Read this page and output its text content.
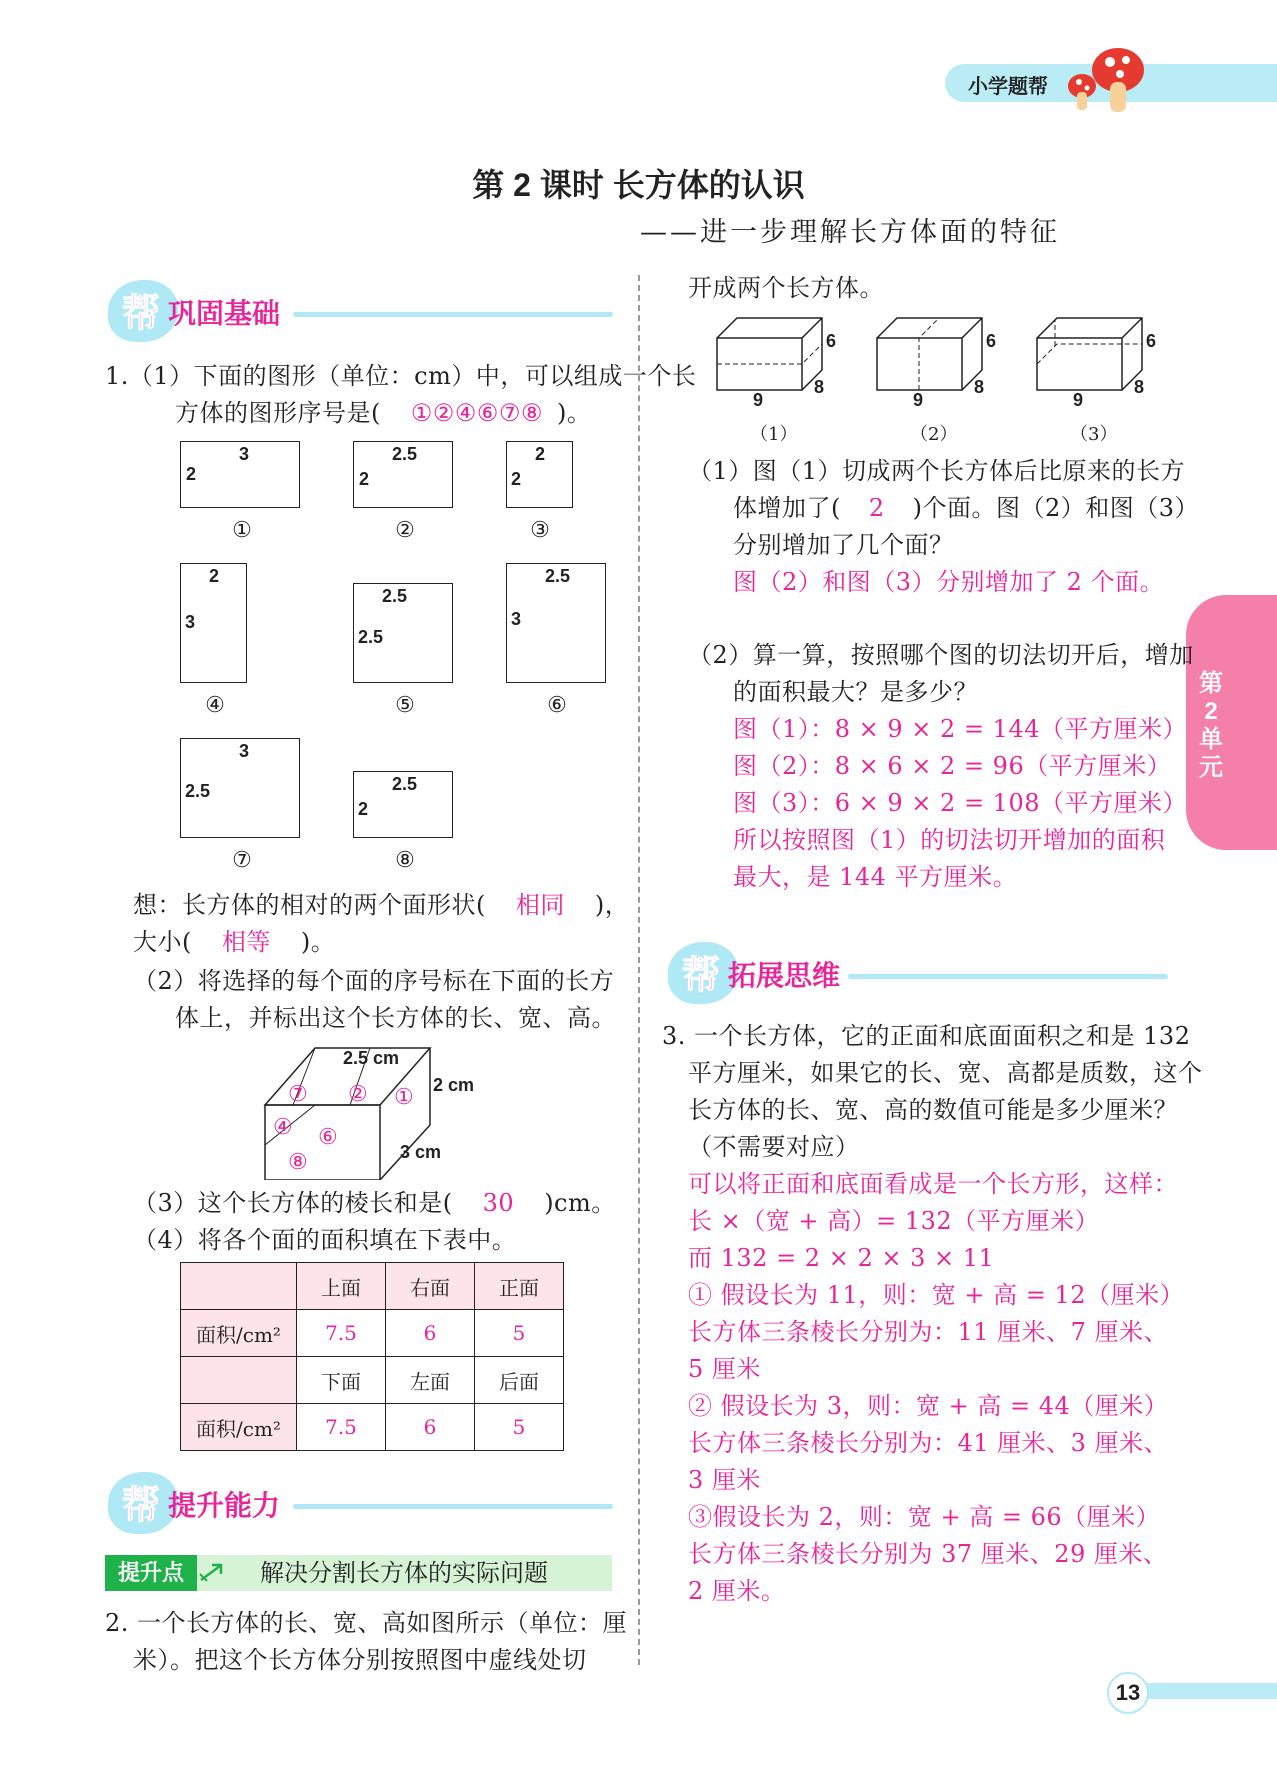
小学题帮
第 2 课时 长方体的认识
——进一步理解长方体面的特征
第2单元
帮 巩固基础
1.（1）下面的图形（单位：cm）中，可以组成一个长
方体的图形序号是( ①②④⑥⑦⑧ )。
3
2
①
2.5
2
②
2
2
③
2
3
④
2.5
2.5
⑤
2.5
3
⑥
3
2.5
⑦
2.5
2
⑧
想：长方体的相对的两个面形状( 相同 )，
大小( 相等 )。
（2）将选择的每个面的序号标在下面的长方
体上，并标出这个长方体的长、宽、高。
2.5 cm
2 cm
3 cm
⑦ ② ①
④ ⑥
⑧
（3）这个长方体的棱长和是( 30 )cm。
（4）将各个面的面积填在下表中。
	上面	右面	正面
面积/cm²	7.5	6	5
	下面	左面	后面
面积/cm²	7.5	6	5
帮 提升能力
提升点	解决分割长方体的实际问题
2. 一个长方体的长、宽、高如图所示（单位：厘
米）。把这个长方体分别按照图中虚线处切
开成两个长方体。
6
9
8
（1）
6
9
8
（2）
6
9
8
（3）
（1）图（1）切成两个长方体后比原来的长方
体增加了( 2 )个面。图（2）和图（3）
分别增加了几个面？
图（2）和图（3）分别增加了 2 个面。
（2）算一算，按照哪个图的切法切开后，增加
的面积最大？是多少？
图（1）：8 × 9 × 2 = 144（平方厘米）
图（2）：8 × 6 × 2 = 96（平方厘米）
图（3）：6 × 9 × 2 = 108（平方厘米）
所以按照图（1）的切法切开增加的面积
最大，是 144 平方厘米。
帮 拓展思维
3. 一个长方体，它的正面和底面面积之和是 132
平方厘米，如果它的长、宽、高都是质数，这个
长方体的长、宽、高的数值可能是多少厘米？
（不需要对应）
可以将正面和底面看成是一个长方形，这样：
长 ×（宽 + 高）= 132（平方厘米）
而 132 = 2 × 2 × 3 × 11
① 假设长为 11，则：宽 + 高 = 12（厘米）
长方体三条棱长分别为：11 厘米、7 厘米、
5 厘米
② 假设长为 3，则：宽 + 高 = 44（厘米）
长方体三条棱长分别为：41 厘米、3 厘米、
3 厘米
③假设长为 2，则：宽 + 高 = 66（厘米）
长方体三条棱长分别为 37 厘米、29 厘米、
2 厘米。
13
